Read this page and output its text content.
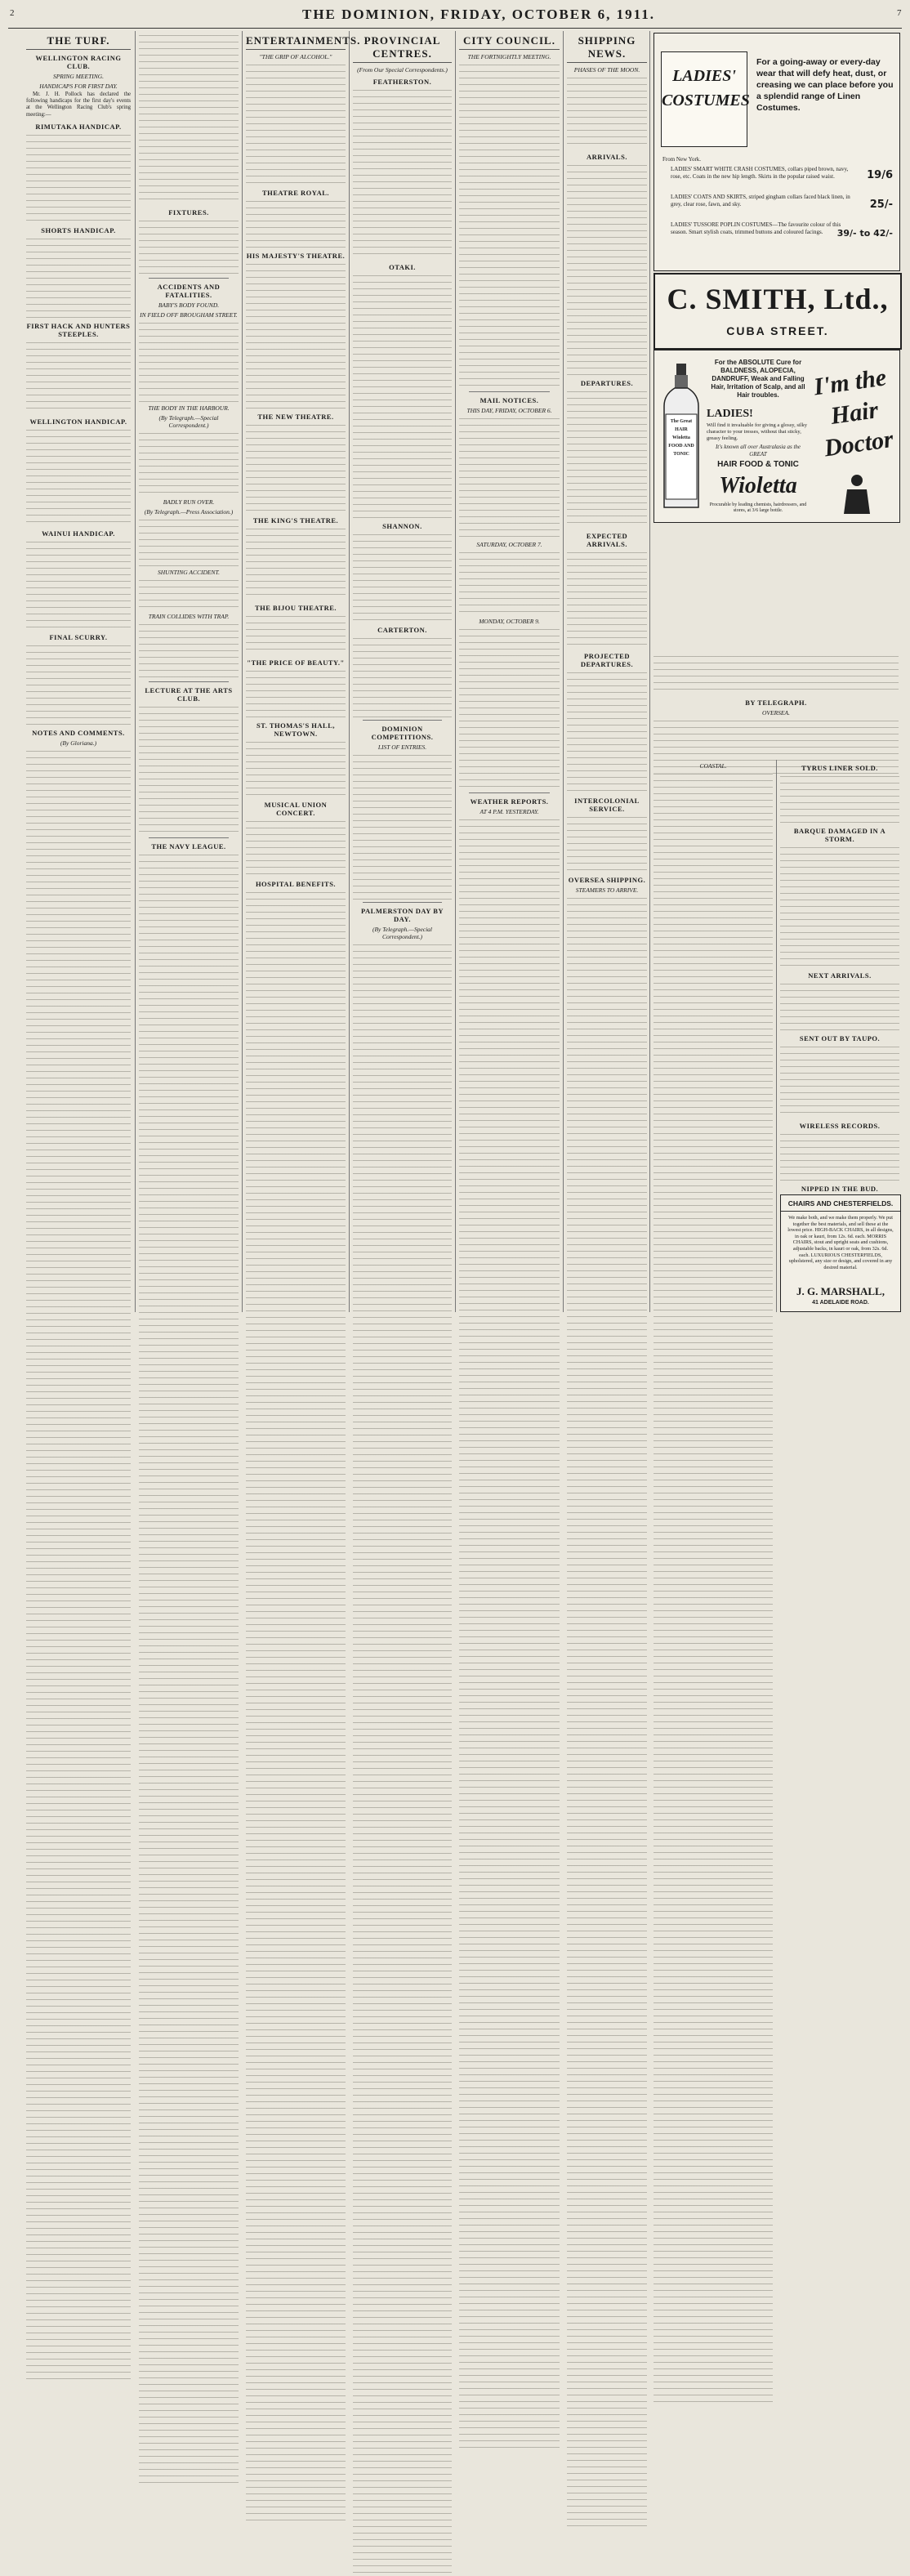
2	THE DOMINION, FRIDAY, OCTOBER 6, 1911.	7
THE TURF.
WELLINGTON RACING CLUB.
SPRING MEETING.
HANDICAPS FOR FIRST DAY.

Mr. J. H. Pollock has declared the following handicaps for the first day's events at the Wellington Racing Club's spring meeting:—

RIMUTAKA HANDICAP.
SHORTS HANDICAP.
FIRST HACK AND HUNTERS STEEPLES.
WELLINGTON HANDICAP.
WAINUI HANDICAP.
FINAL SCURRY.
NOTES AND COMMENTS.
(By Gloriana.)
FIXTURES.
ACCIDENTS AND FATALITIES.
BABY'S BODY FOUND.
IN FIELD OFF BROUGHAM STREET.
THE BODY IN THE HARBOUR.
(By Telegraph.—Special Correspondent.)
BADLY RUN OVER.
(By Telegraph.—Press Association.)
SHUNTING ACCIDENT.
TRAIN COLLIDES WITH TRAP.
LECTURE AT THE ARTS CLUB.
THE NAVY LEAGUE.
ENTERTAINMENTS.
"THE GRIP OF ALCOHOL."
THEATRE ROYAL.
HIS MAJESTY'S THEATRE.
THE NEW THEATRE.
THE KING'S THEATRE.
THE BIJOU THEATRE.
"THE PRICE OF BEAUTY."
ST. THOMAS'S HALL, NEWTOWN.
MUSICAL UNION CONCERT.
HOSPITAL BENEFITS.
PROVINCIAL CENTRES.
(From Our Special Correspondents.)
FEATHERSTON.
OTAKI.
SHANNON.
CARTERTON.
DOMINION COMPETITIONS.
LIST OF ENTRIES.
PALMERSTON DAY BY DAY.
(By Telegraph.—Special Correspondent.)
CITY COUNCIL.
THE FORTNIGHTLY MEETING.
MAIL NOTICES.
THIS DAY, FRIDAY, OCTOBER 6.
SATURDAY, OCTOBER 7.
MONDAY, OCTOBER 9.
WEATHER REPORTS.
AT 4 P.M. YESTERDAY.
SHIPPING NEWS.
PHASES OF THE MOON.
ARRIVALS.
DEPARTURES.
EXPECTED ARRIVALS.
PROJECTED DEPARTURES.
INTERCOLONIAL SERVICE.
OVERSEA SHIPPING.
STEAMERS TO ARRIVE.
BY TELEGRAPH.
OVERSEA.
COASTAL.	TYRUS LINER SOLD.
BARQUE DAMAGED IN A STORM.
NEXT ARRIVALS.
SENT OUT BY TAUPO.
WIRELESS RECORDS.
NIPPED IN THE BUD.
LADIES' COSTUMES
For a going-away or every-day wear that will defy heat, dust, or creasing we can place before you a splendid range of Linen Costumes.
From New York.
LADIES' SMART WHITE CRASH COSTUMES, collars piped brown, navy, rose, etc. Coats in the new hip length. Skirts in the popular raised waist.	19/6
LADIES' COATS AND SKIRTS, striped gingham collars faced black linen, in grey, clear rose, fawn, and sky.	25/-
LADIES' TUSSORE POPLIN COSTUMES—The favourite colour of this season. Smart stylish coats, trimmed buttons and coloured facings.	39/- to 42/-
C. SMITH, Ltd.,
CUBA STREET.
The Great HAIR Wioletta FOOD AND TONIC
For the ABSOLUTE Cure for BALDNESS, ALOPECIA, DANDRUFF, Weak and Falling Hair, Irritation of Scalp, and all Hair troubles.
LADIES!
Will find it invaluable for giving a glossy, silky character to your tresses, without that sticky, greasy feeling.
It's known all over Australasia as the GREAT
HAIR FOOD & TONIC
Wioletta
Procurable by leading chemists, hairdressers, and stores, at 3/6 large bottle.
I'm the Hair Doctor
CHAIRS AND CHESTERFIELDS.
We make both, and we make them properly. We put together the best materials, and sell these at the lowest price. HIGH-BACK CHAIRS, in all designs, in oak or kauri, from 12s. 6d. each. MORRIS CHAIRS, stout and upright seats and cushions, adjustable backs, in kauri or oak, from 32s. 6d. each. LUXURIOUS CHESTERFIELDS, upholstered, any size or design, and covered in any desired material.
J. G. MARSHALL,
41 ADELAIDE ROAD.
